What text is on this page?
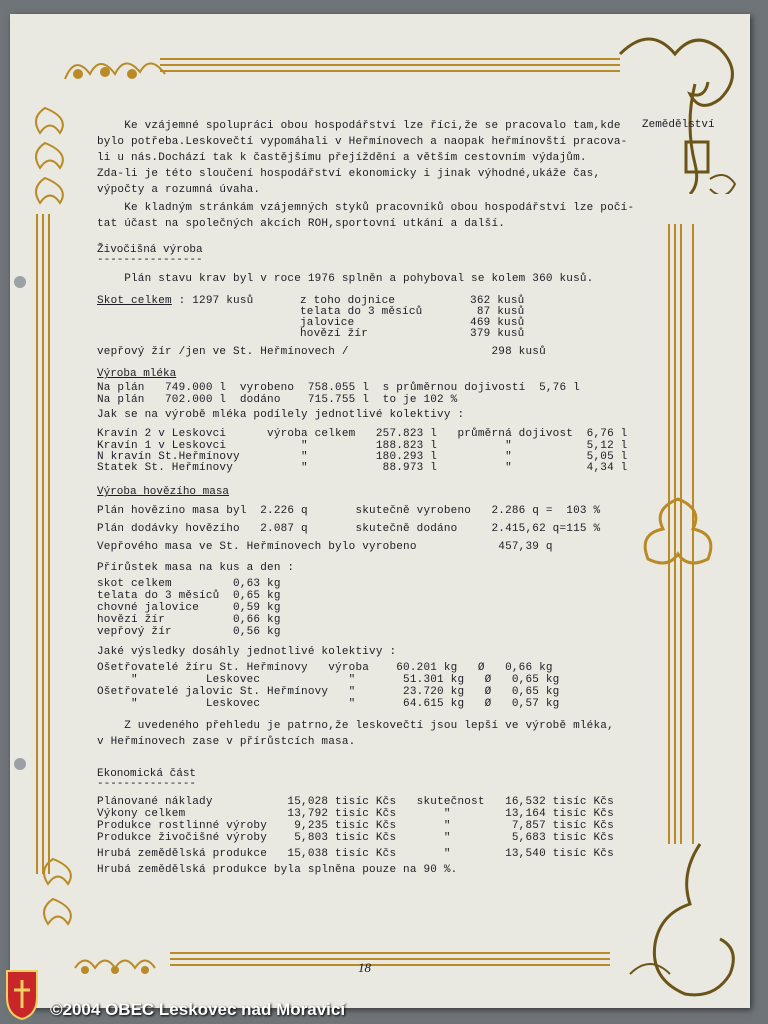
Zemědělství
Ke vzájemné spolupráci obou hospodářství lze říci,že se pracovalo tam,kde
bylo potřeba.Leskovečtí vypomáhali v Heřmínovech a naopak heřmínovští pracova-
li u nás.Dochází tak k častějšímu přejíždění a větším cestovním výdajům.
Zda-li je této sloučení hospodářství ekonomicky i jinak výhodné,ukáže čas,
výpočty a rozumná úvaha.
Ke kladným stránkám vzájemných styků pracovníků obou hospodářství lze počí-
tat účast na společných akcích ROH,sportovní utkání a další.
Živočišná výroba
----------------
Plán stavu krav byl v roce 1976 splněn a pohyboval se kolem 360 kusů.
Skot celkem : 1297 kusů	z toho dojnice           362 kusů
telata do 3 měsíců        87 kusů
jalovice                 469 kusů
hovězí žír               379 kusů
vepřový žír /jen ve St. Heřmínovech /                     298 kusů
Výroba mléka
Na plán   749.000 l  vyrobeno  758.055 l  s průměrnou dojivostí  5,76 l
Na plán   702.000 l  dodáno    715.755 l  to je 102 %
Jak se na výrobě mléka podílely jednotlivé kolektivy :
Kravín 2 v Leskovci      výroba celkem   257.823 l   průměrná dojivost  6,76 l
Kravín 1 v Leskovci           "          188.823 l          "           5,12 l
N kravín St.Heřmínovy         "          180.293 l          "           5,05 l
Statek St. Heřmínovy          "           88.973 l          "           4,34 l
Výroba hovězího masa
Plán hovězino masa byl  2.226 q       skutečně vyrobeno   2.286 q =  103 %
Plán dodávky hovězího   2.087 q       skutečně dodáno     2.415,62 q=115 %
Vepřového masa ve St. Heřmínovech bylo vyrobeno            457,39 q
Přírůstek masa na kus a den :
skot celkem         0,63 kg
telata do 3 měsíců  0,65 kg
chovné jalovice     0,59 kg
hovězí žír          0,66 kg
vepřový žír         0,56 kg
Jaké výsledky dosáhly jednotlivé kolektivy :
Ošetřovatelé žíru St. Heřmínovy   výroba    60.201 kg   Ø   0,66 kg
"          Leskovec             "       51.301 kg   Ø   0,65 kg
Ošetřovatelé jalovic St. Heřmínovy   "       23.720 kg   Ø   0,65 kg
"          Leskovec             "       64.615 kg   Ø   0,57 kg
Z uvedeného přehledu je patrno,že leskovečtí jsou lepší ve výrobě mléka,
v Heřmínovech zase v přírůstcích masa.
Ekonomická část
---------------
Plánované náklady           15,028 tisíc Kčs   skutečnost   16,532 tisíc Kčs
Výkony celkem               13,792 tisíc Kčs       "        13,164 tisíc Kčs
Produkce rostlinné výroby    9,235 tisíc Kčs       "         7,857 tisíc Kčs
Produkce živočišné výroby    5,803 tisíc Kčs       "         5,683 tisíc Kčs
Hrubá zemědělská produkce   15,038 tisíc Kčs       "        13,540 tisíc Kčs
Hrubá zemědělská produkce byla splněna pouze na 90 %.
18
©2004 OBEC Leskovec nad Moravicí
